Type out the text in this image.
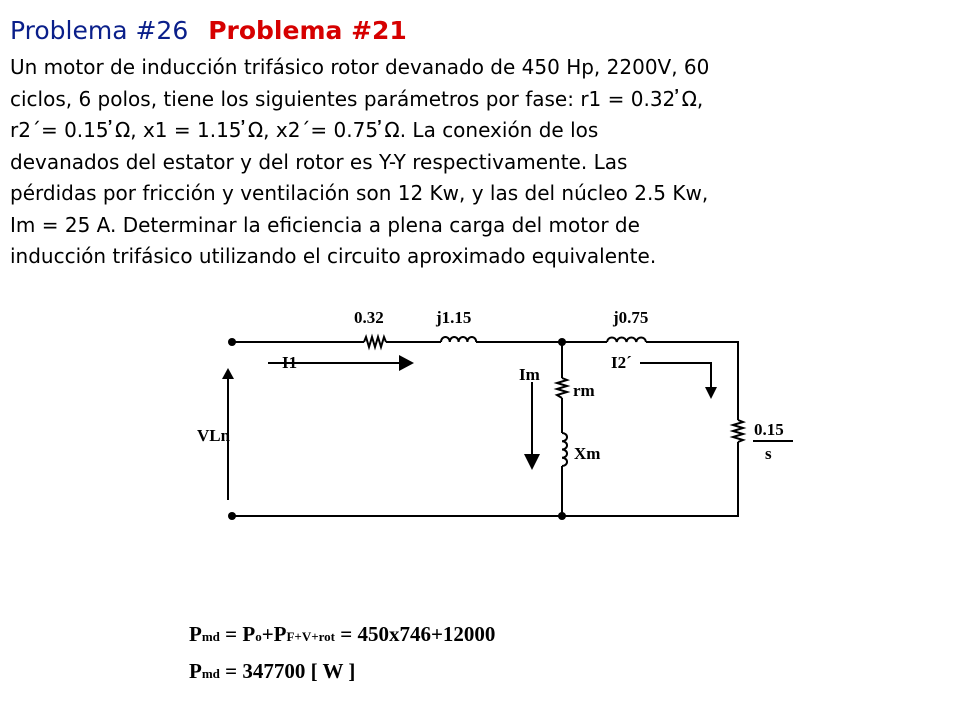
Problema #26 Problema #21
Un motor de inducción trifásico rotor devanado de 450 Hp, 2200V, 60
ciclos, 6 polos, tiene los siguientes parámetros por fase: r1 = 0.32 ̓Ω,
r2´= 0.15 ̓Ω, x1 = 1.15 ̓Ω, x2´= 0.75 ̓Ω. La conexión de los
devanados del estator y del rotor es Y-Y respectivamente. Las
pérdidas por fricción y ventilación son 12 Kw, y las del núcleo 2.5 Kw,
Im = 25 A. Determinar la eficiencia a plena carga del motor de
inducción trifásico utilizando el circuito aproximado equivalente.
0.32	j1.15	j0.75
I1
Im
I2´
rm
Xm
VLn	0.15
s
Pmd = Po+PF+V+rot = 450x746+12000
Pmd = 347700 [ W ]
